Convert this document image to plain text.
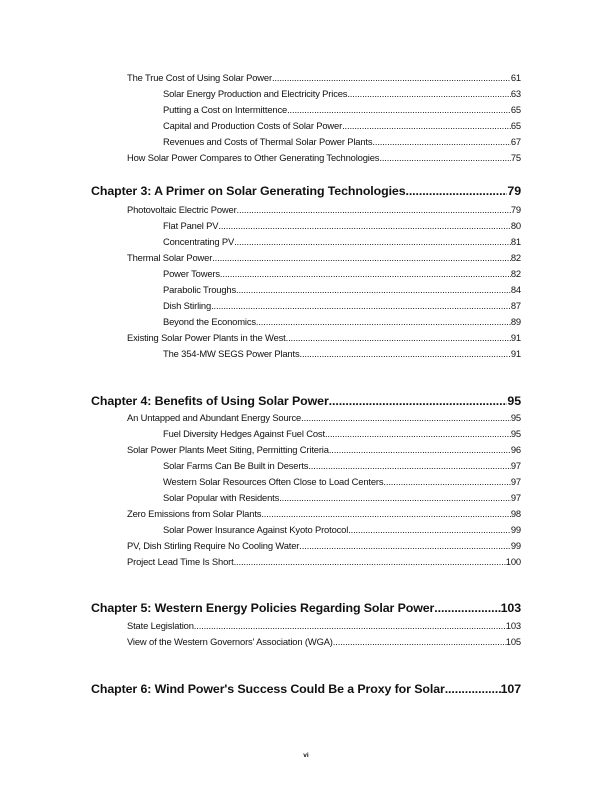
The True Cost of Using Solar Power .....	61
Solar Energy Production and Electricity Prices .....	63
Putting a Cost on Intermittence .....	65
Capital and Production Costs of Solar Power .....	65
Revenues and Costs of Thermal Solar Power Plants .....	67
How Solar Power Compares to Other Generating Technologies .....	75
Chapter 3: A Primer on Solar Generating Technologies .....	79
Photovoltaic Electric Power .....	79
Flat Panel PV .....	80
Concentrating PV .....	81
Thermal Solar Power .....	82
Power Towers .....	82
Parabolic Troughs .....	84
Dish Stirling .....	87
Beyond the Economics .....	89
Existing Solar Power Plants in the West .....	91
The 354-MW SEGS Power Plants .....	91
Chapter 4: Benefits of Using Solar Power .....	95
An Untapped and Abundant Energy Source .....	95
Fuel Diversity Hedges Against Fuel Cost .....	95
Solar Power Plants Meet Siting, Permitting Criteria .....	96
Solar Farms Can Be Built in Deserts .....	97
Western Solar Resources Often Close to Load Centers .....	97
Solar Popular with Residents .....	97
Zero Emissions from Solar Plants .....	98
Solar Power Insurance Against Kyoto Protocol .....	99
PV, Dish Stirling Require No Cooling Water .....	99
Project Lead Time Is Short .....	100
Chapter 5: Western Energy Policies Regarding Solar Power .....	103
State Legislation .....	103
View of the Western Governors' Association (WGA) .....	105
Chapter 6: Wind Power's Success Could Be a Proxy for Solar .....	107
vi
